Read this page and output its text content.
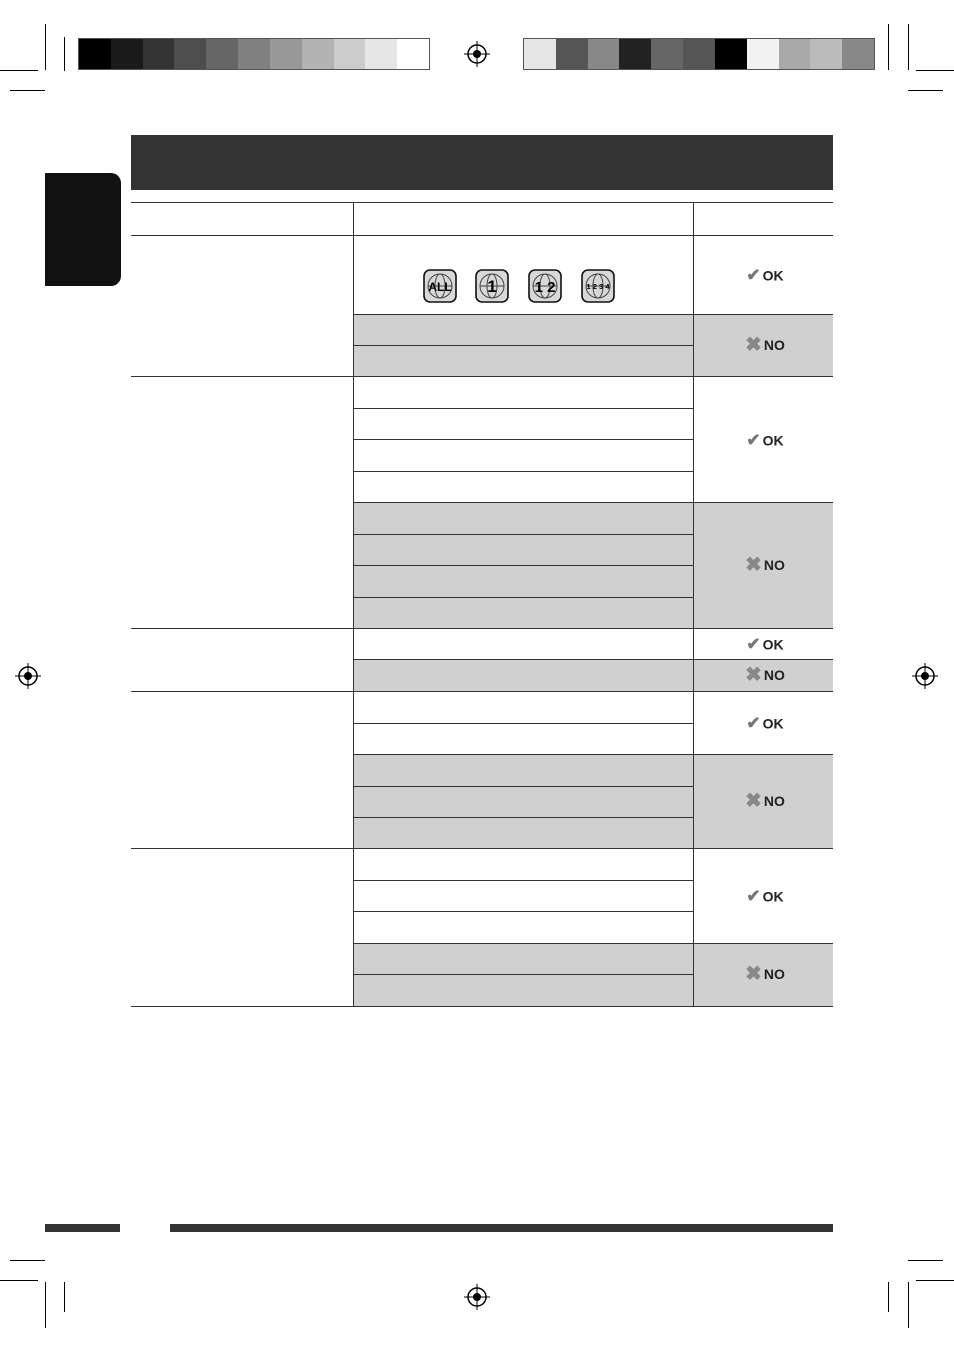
ALL 1	1 2	1 2 3 4
✔ OK
✖ NO
✔ OK
✖ NO
✔ OK
✖ NO
✔ OK
✖ NO
✔ OK
✖ NO
